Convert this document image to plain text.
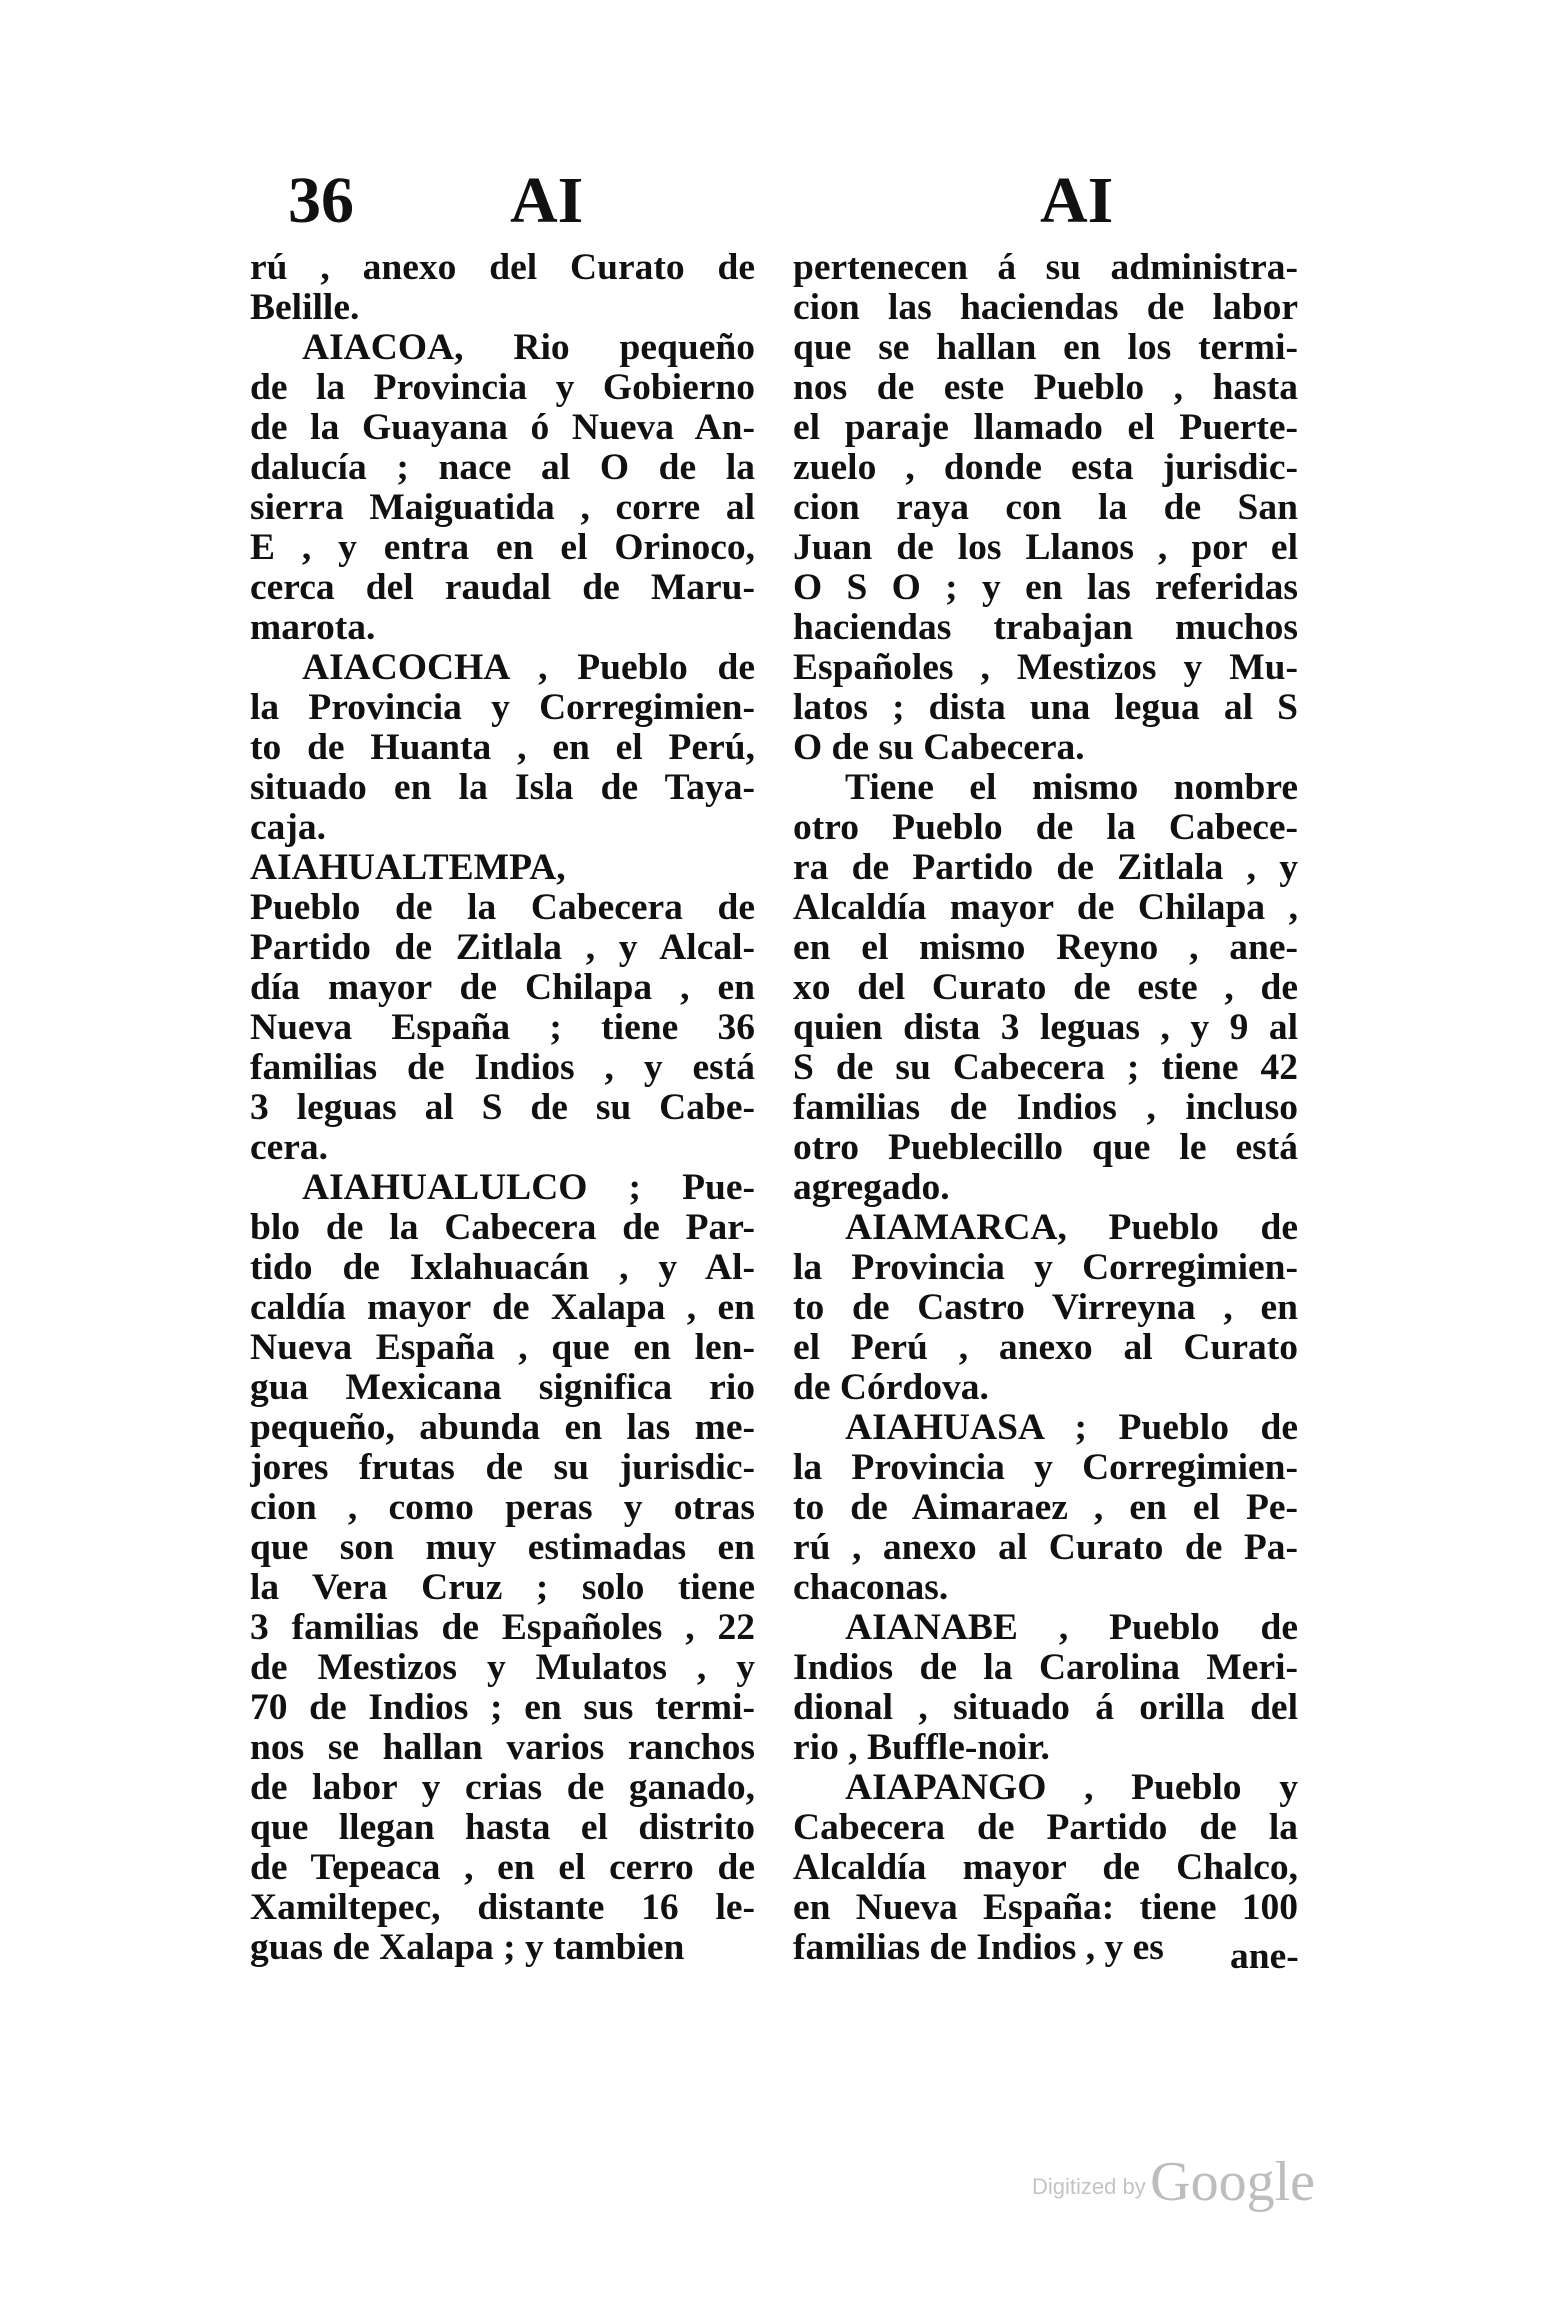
36 AI	AI
rú , anexo del Curato de
Belille.
AIACOA, Rio pequeño
de la Provincia y Gobierno
de la Guayana ó Nueva An-
dalucía ; nace al O de la
sierra Maiguatida , corre al
E , y entra en el Orinoco,
cerca del raudal de Maru-
marota.
AIACOCHA , Pueblo de
la Provincia y Corregimien-
to de Huanta , en el Perú,
situado en la Isla de Taya-
caja.
AIAHUALTEMPA,
Pueblo de la Cabecera de
Partido de Zitlala , y Alcal-
día mayor de Chilapa , en
Nueva España ; tiene 36
familias de Indios , y está
3 leguas al S de su Cabe-
cera.
AIAHUALULCO ; Pue-
blo de la Cabecera de Par-
tido de Ixlahuacán , y Al-
caldía mayor de Xalapa , en
Nueva España , que en len-
gua Mexicana significa rio
pequeño, abunda en las me-
jores frutas de su jurisdic-
cion , como peras y otras
que son muy estimadas en
la Vera Cruz ; solo tiene
3 familias de Españoles , 22
de Mestizos y Mulatos , y
70 de Indios ; en sus termi-
nos se hallan varios ranchos
de labor y crias de ganado,
que llegan hasta el distrito
de Tepeaca , en el cerro de
Xamiltepec, distante 16 le-
guas de Xalapa ; y tambien
pertenecen á su administra-
cion las haciendas de labor
que se hallan en los termi-
nos de este Pueblo , hasta
el paraje llamado el Puerte-
zuelo , donde esta jurisdic-
cion raya con la de San
Juan de los Llanos , por el
O S O ; y en las referidas
haciendas trabajan muchos
Españoles , Mestizos y Mu-
latos ; dista una legua al S
O de su Cabecera.
Tiene el mismo nombre
otro Pueblo de la Cabece-
ra de Partido de Zitlala , y
Alcaldía mayor de Chilapa ,
en el mismo Reyno , ane-
xo del Curato de este , de
quien dista 3 leguas , y 9 al
S de su Cabecera ; tiene 42
familias de Indios , incluso
otro Pueblecillo que le está
agregado.
AIAMARCA, Pueblo de
la Provincia y Corregimien-
to de Castro Virreyna , en
el Perú , anexo al Curato
de Córdova.
AIAHUASA ; Pueblo de
la Provincia y Corregimien-
to de Aimaraez , en el Pe-
rú , anexo al Curato de Pa-
chaconas.
AIANABE , Pueblo de
Indios de la Carolina Meri-
dional , situado á orilla del
rio , Buffle-noir.
AIAPANGO , Pueblo y
Cabecera de Partido de la
Alcaldía mayor de Chalco,
en Nueva España: tiene 100
familias de Indios , y es	ane-
Digitized by Google
